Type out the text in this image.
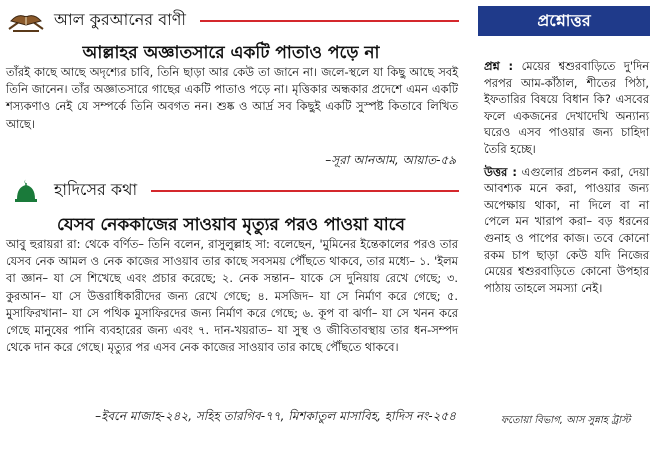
আল কুরআনের বাণী
আল্লাহর অজ্ঞাতসারে একটি পাতাও পড়ে না
তাঁরই কাছে আছে অদৃশ্যের চাবি, তিনি ছাড়া আর কেউ তা জানে না। জলে-স্থলে যা কিছু আছে সবই তিনি জানেন। তাঁর অজ্ঞাতসারে গাছের একটি পাতাও পড়ে না। মৃত্তিকার অন্ধকার প্রদেশে এমন একটি শস্যকণাও নেই যে সম্পর্কে তিনি অবগত নন। শুষ্ক ও আর্দ্র সব কিছুই একটি সুস্পষ্ট কিতাবে লিখিত আছে।
–সূরা আনআম, আয়াত-৫৯
হাদিসের কথা
যেসব নেককাজের সাওয়াব মৃত্যুর পরও পাওয়া যাবে
আবু হুরায়রা রা: থেকে বর্ণিত– তিনি বলেন, রাসুলুল্লাহ সা: বলেছেন, 'মুমিনের ইন্তেকালের পরও তার যেসব নেক আমল ও নেক কাজের সাওয়াব তার কাছে সবসময় পৌঁছতে থাকবে, তার মধ্যে– ১. 'ইলম বা জ্ঞান– যা সে শিখেছে এবং প্রচার করেছে; ২. নেক সন্তান– যাকে সে দুনিয়ায় রেখে গেছে; ৩. কুরআন– যা সে উত্তরাধিকারীদের জন্য রেখে গেছে; ৪. মসজিদ– যা সে নির্মাণ করে গেছে; ৫. মুসাফিরখানা– যা সে পথিক মুসাফিরদের জন্য নির্মাণ করে গেছে; ৬. কূপ বা ঝর্ণা– যা সে খনন করে গেছে মানুষের পানি ব্যবহারের জন্য এবং ৭. দান-খয়রাত– যা সুস্থ ও জীবিতাবস্থায় তার ধন-সম্পদ থেকে দান করে গেছে। মৃত্যুর পর এসব নেক কাজের সাওয়াব তার কাছে পৌঁছতে থাকবে।
–ইবনে মাজাহ-২৪২, সহিহ তারগিব-৭৭, মিশকাতুল মাসাবিহ, হাদিস নং-২৫৪
প্রশ্নোত্তর

প্রশ্ন : মেয়ের শ্বশুরবাড়িতে দু'দিন পরপর আম-কাঁঠাল, শীতের পিঠা, ইফতারির বিষয়ে বিধান কি? এসবের ফলে একজনের দেখাদেখি অন্যান্য ঘরেও এসব পাওয়ার জন্য চাহিদা তৈরি হচ্ছে।

উত্তর : এগুলোর প্রচলন করা, দেয়া আবশ্যক মনে করা, পাওয়ার জন্য অপেক্ষায় থাকা, না দিলে বা না পেলে মন খারাপ করা– বড় ধরনের গুনাহ ও পাপের কাজ। তবে কোনো রকম চাপ ছাড়া কেউ যদি নিজের মেয়ের শ্বশুরবাড়িতে কোনো উপহার পাঠায় তাহলে সমস্যা নেই।

ফতোয়া বিভাগ, আস সুন্নাহ ট্রাস্ট
